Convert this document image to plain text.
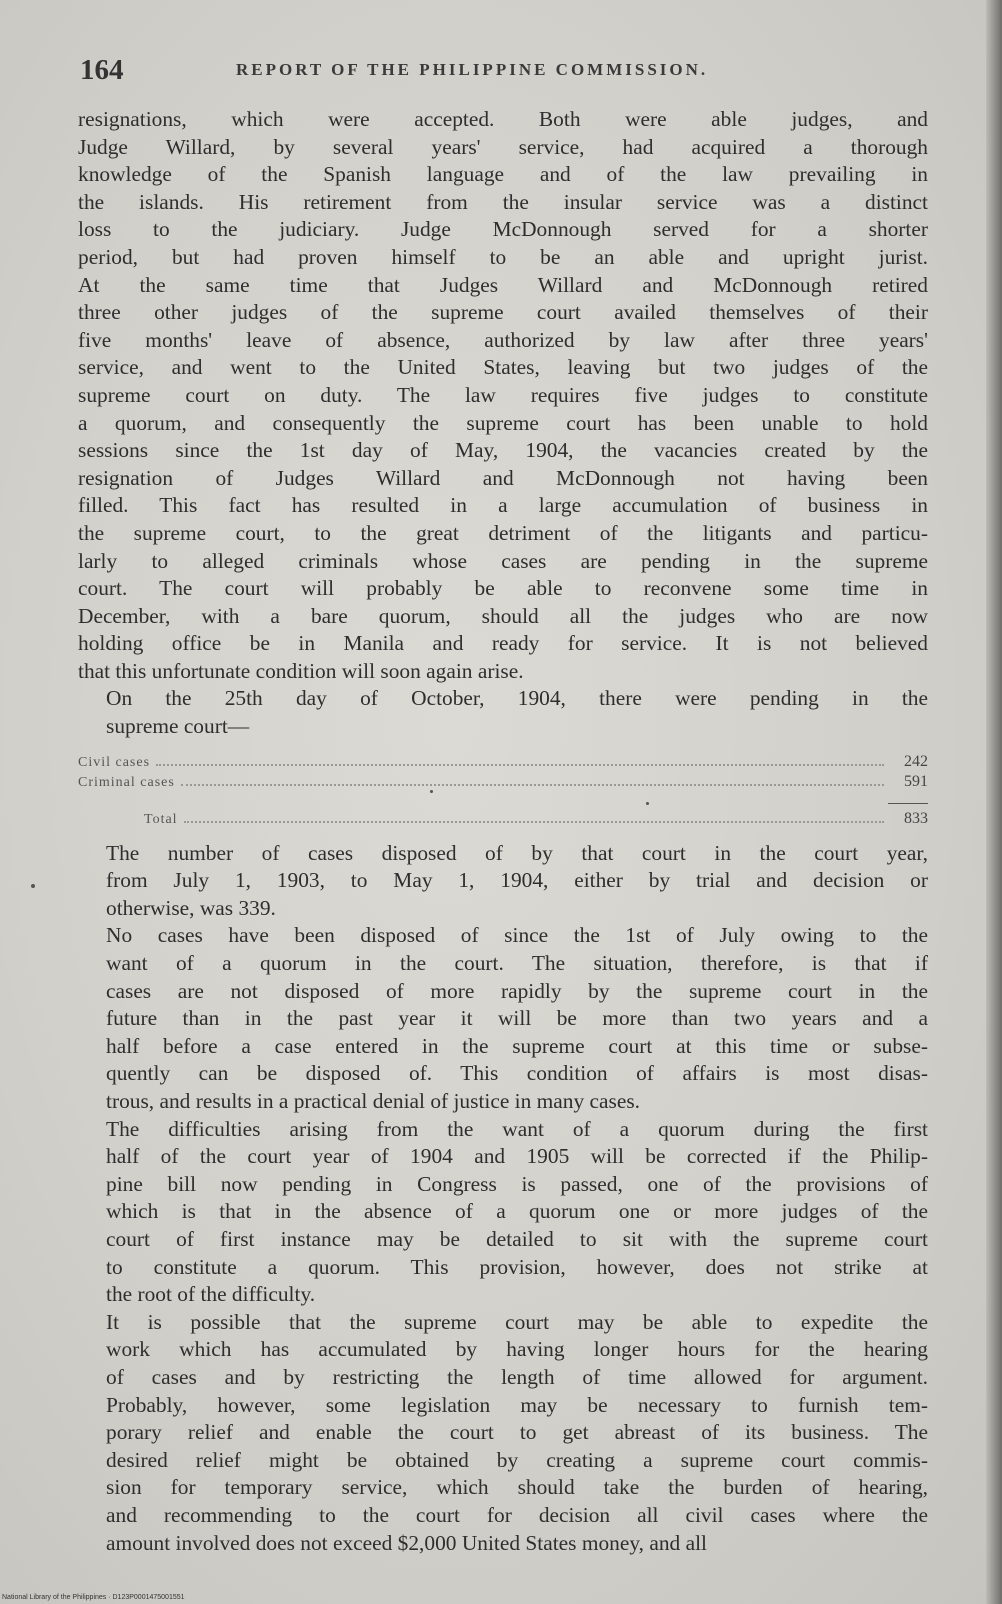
164	REPORT OF THE PHILIPPINE COMMISSION.

resignations, which were accepted. Both were able judges, and
Judge Willard, by several years' service, had acquired a thorough
knowledge of the Spanish language and of the law prevailing in
the islands. His retirement from the insular service was a distinct
loss to the judiciary. Judge McDonnough served for a shorter
period, but had proven himself to be an able and upright jurist.
At the same time that Judges Willard and McDonnough retired
three other judges of the supreme court availed themselves of their
five months' leave of absence, authorized by law after three years'
service, and went to the United States, leaving but two judges of the
supreme court on duty. The law requires five judges to constitute
a quorum, and consequently the supreme court has been unable to hold
sessions since the 1st day of May, 1904, the vacancies created by the
resignation of Judges Willard and McDonnough not having been
filled. This fact has resulted in a large accumulation of business in
the supreme court, to the great detriment of the litigants and particu-
larly to alleged criminals whose cases are pending in the supreme
court. The court will probably be able to reconvene some time in
December, with a bare quorum, should all the judges who are now
holding office be in Manila and ready for service. It is not believed
that this unfortunate condition will soon again arise.

On the 25th day of October, 1904, there were pending in the
supreme court—

Civil cases	242
Criminal cases	591
Total	833

The number of cases disposed of by that court in the court year,
from July 1, 1903, to May 1, 1904, either by trial and decision or
otherwise, was 339.

No cases have been disposed of since the 1st of July owing to the
want of a quorum in the court. The situation, therefore, is that if
cases are not disposed of more rapidly by the supreme court in the
future than in the past year it will be more than two years and a
half before a case entered in the supreme court at this time or subse-
quently can be disposed of. This condition of affairs is most disas-
trous, and results in a practical denial of justice in many cases.

The difficulties arising from the want of a quorum during the first
half of the court year of 1904 and 1905 will be corrected if the Philip-
pine bill now pending in Congress is passed, one of the provisions of
which is that in the absence of a quorum one or more judges of the
court of first instance may be detailed to sit with the supreme court
to constitute a quorum. This provision, however, does not strike at
the root of the difficulty.

It is possible that the supreme court may be able to expedite the
work which has accumulated by having longer hours for the hearing
of cases and by restricting the length of time allowed for argument.
Probably, however, some legislation may be necessary to furnish tem-
porary relief and enable the court to get abreast of its business. The
desired relief might be obtained by creating a supreme court commis-
sion for temporary service, which should take the burden of hearing,
and recommending to the court for decision all civil cases where the
amount involved does not exceed $2,000 United States money, and all

National Library of the Philippines · D123P0001475001551
